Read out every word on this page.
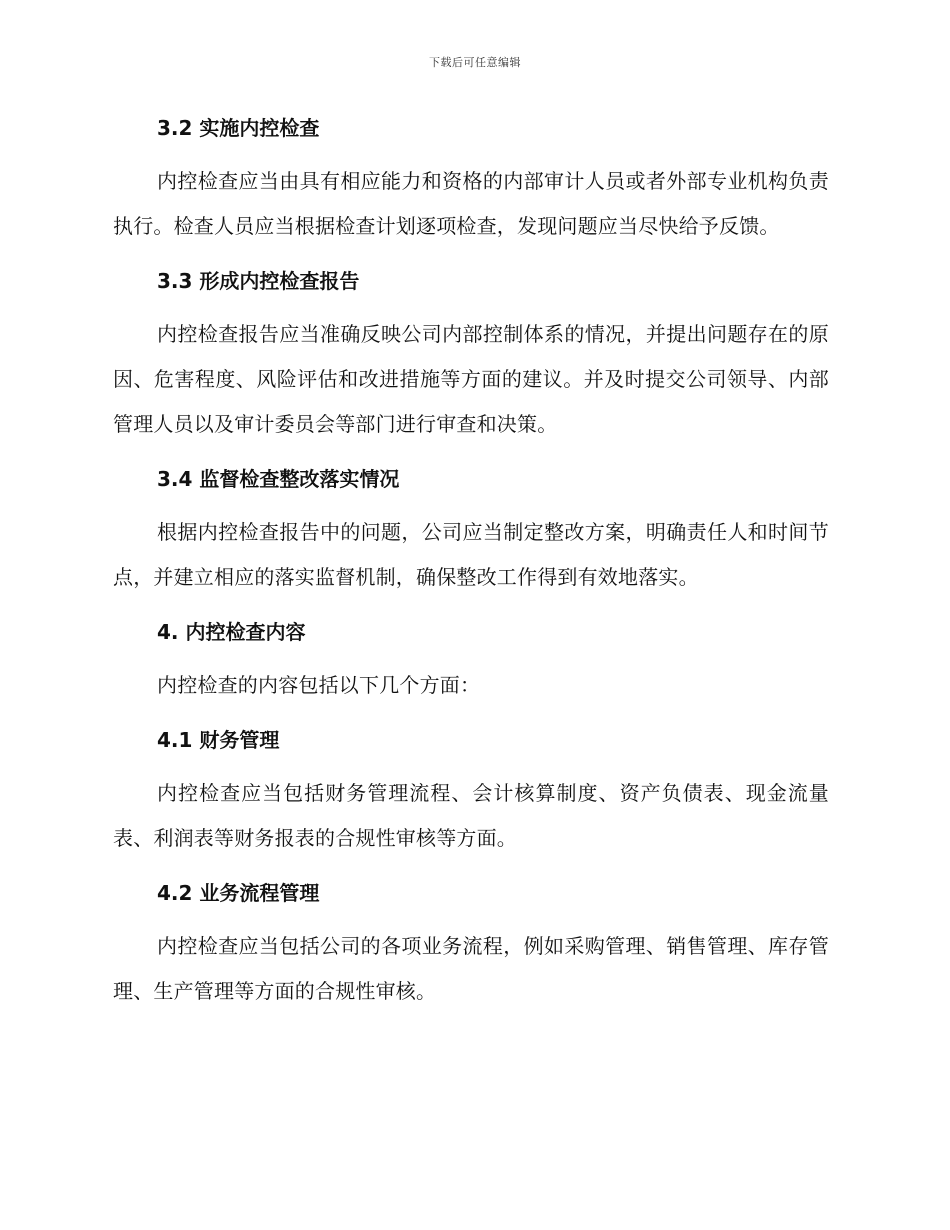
下载后可任意编辑
3.2 实施内控检查

内控检查应当由具有相应能力和资格的内部审计人员或者外部专业机构负责执行。检查人员应当根据检查计划逐项检查，发现问题应当尽快给予反馈。

3.3 形成内控检查报告

内控检查报告应当准确反映公司内部控制体系的情况，并提出问题存在的原因、危害程度、风险评估和改进措施等方面的建议。并及时提交公司领导、内部管理人员以及审计委员会等部门进行审查和决策。

3.4 监督检查整改落实情况

根据内控检查报告中的问题，公司应当制定整改方案，明确责任人和时间节点，并建立相应的落实监督机制，确保整改工作得到有效地落实。

4. 内控检查内容

内控检查的内容包括以下几个方面：

4.1 财务管理

内控检查应当包括财务管理流程、会计核算制度、资产负债表、现金流量表、利润表等财务报表的合规性审核等方面。

4.2 业务流程管理

内控检查应当包括公司的各项业务流程，例如采购管理、销售管理、库存管理、生产管理等方面的合规性审核。
